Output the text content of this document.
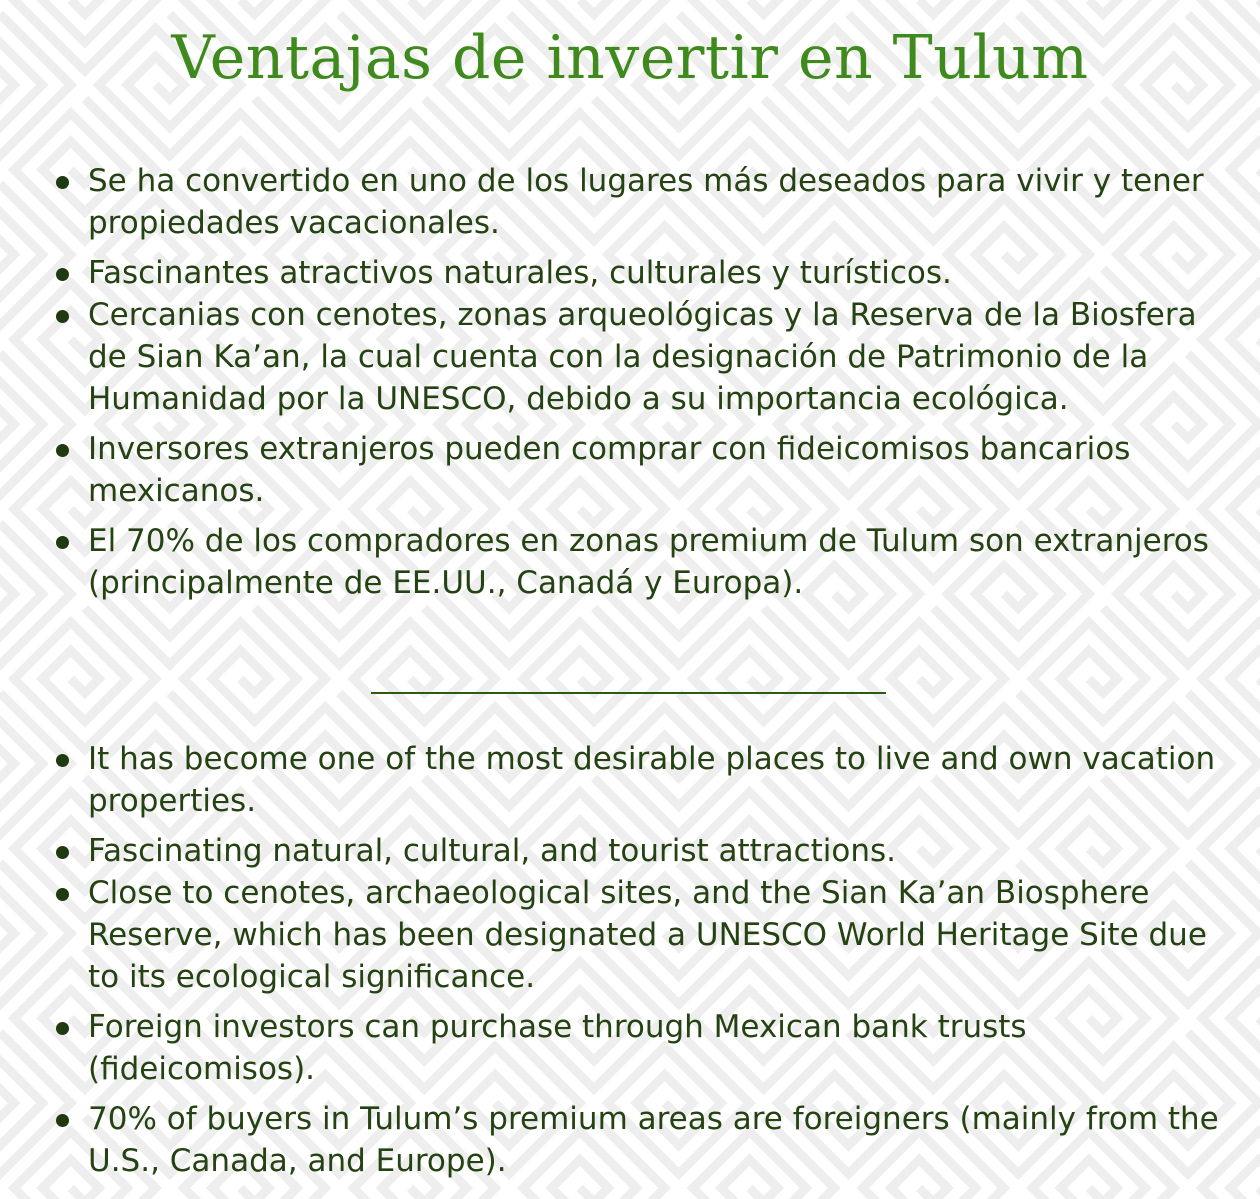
Ventajas de invertir en Tulum
Se ha convertido en uno de los lugares más deseados para vivir y tener propiedades vacacionales.
Fascinantes atractivos naturales, culturales y turísticos.
Cercanias con cenotes, zonas arqueológicas y la Reserva de la Biosfera de Sian Ka’an, la cual cuenta con la designación de Patrimonio de la Humanidad por la UNESCO, debido a su importancia ecológica.
Inversores extranjeros pueden comprar con fideicomisos bancarios mexicanos.
El 70% de los compradores en zonas premium de Tulum son extranjeros (principalmente de EE.UU., Canadá y Europa).
It has become one of the most desirable places to live and own vacation properties.
Fascinating natural, cultural, and tourist attractions.
Close to cenotes, archaeological sites, and the Sian Ka’an Biosphere Reserve, which has been designated a UNESCO World Heritage Site due to its ecological significance.
Foreign investors can purchase through Mexican bank trusts (fideicomisos).
70% of buyers in Tulum’s premium areas are foreigners (mainly from the U.S., Canada, and Europe).
